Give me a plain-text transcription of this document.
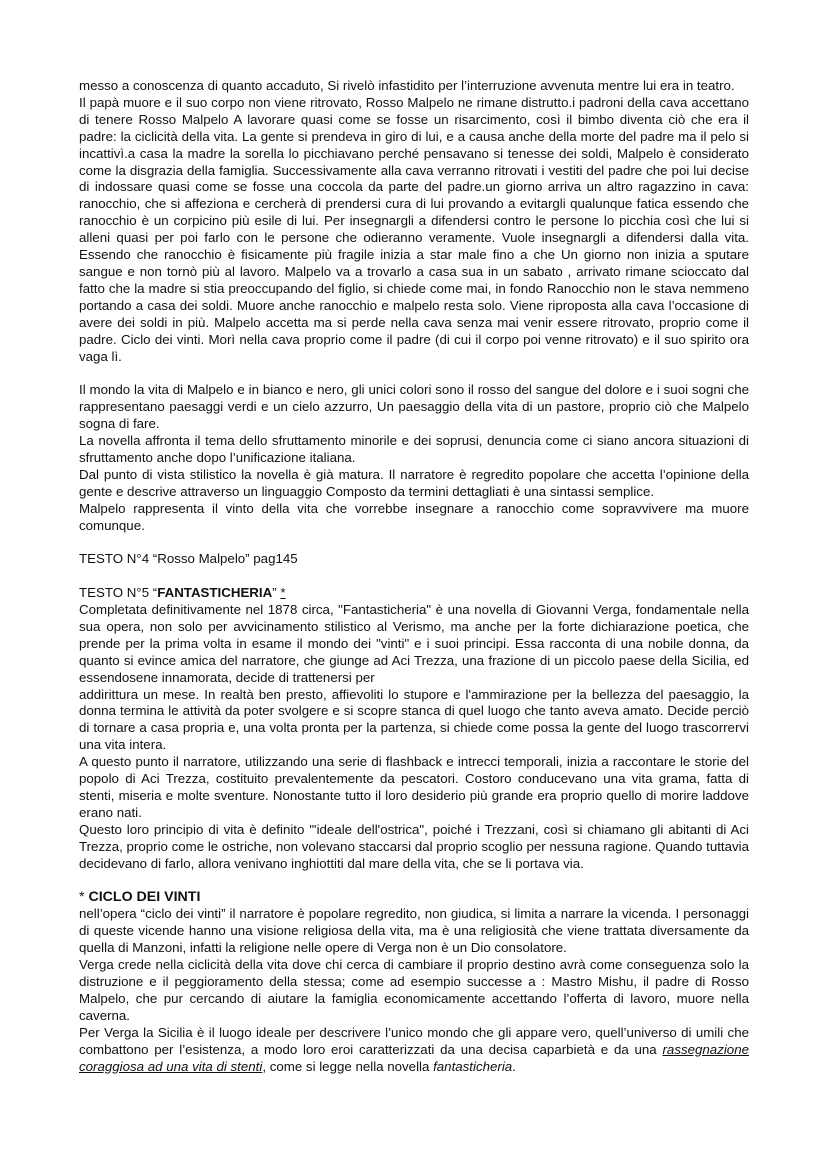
messo a conoscenza di quanto accaduto, Si rivelò infastidito per l’interruzione avvenuta mentre lui era in teatro.

Il papà muore e il suo corpo non viene ritrovato, Rosso Malpelo ne rimane distrutto.i padroni della cava accettano di tenere Rosso Malpelo A lavorare quasi come se fosse un risarcimento, così il bimbo diventa ciò che era il padre: la ciclicità della vita. La gente si prendeva in giro di lui, e a causa anche della morte del padre ma il pelo si incattivì.a casa la madre la sorella lo picchiavano perché pensavano si tenesse dei soldi, Malpelo è considerato come la disgrazia della famiglia. Successivamente alla cava verranno ritrovati i vestiti del padre che poi lui decise di indossare quasi come se fosse una coccola da parte del padre.un giorno arriva un altro ragazzino in cava: ranocchio, che si affeziona e cercherà di prendersi cura di lui provando a evitargli qualunque fatica essendo che ranocchio è un corpicino più esile di lui. Per insegnargli a difendersi contro le persone lo picchia così che lui si alleni quasi per poi farlo con le persone che odieranno veramente. Vuole insegnargli a difendersi dalla vita. Essendo che ranocchio è fisicamente più fragile inizia a star male fino a che Un giorno non inizia a sputare sangue e non tornò più al lavoro. Malpelo va a trovarlo a casa sua in un sabato , arrivato rimane scioccato dal fatto che la madre si stia preoccupando del figlio, si chiede come mai, in fondo Ranocchio non le stava nemmeno portando a casa dei soldi. Muore anche ranocchio e malpelo resta solo. Viene riproposta alla cava l’occasione di avere dei soldi in più. Malpelo accetta ma si perde nella cava senza mai venir essere ritrovato, proprio come il padre. Ciclo dei vinti. Morì nella cava proprio come il padre (di cui il corpo poi venne ritrovato) e il suo spirito ora vaga lì.

Il mondo la vita di Malpelo e in bianco e nero, gli unici colori sono il rosso del sangue del dolore e i suoi sogni che rappresentano paesaggi verdi e un cielo azzurro, Un paesaggio della vita di un pastore, proprio ciò che Malpelo sogna di fare.

La novella affronta il tema dello sfruttamento minorile e dei soprusi, denuncia come ci siano ancora situazioni di sfruttamento anche dopo l’unificazione italiana.

Dal punto di vista stilistico la novella è già matura. Il narratore è regredito popolare che accetta l’opinione della gente e descrive attraverso un linguaggio Composto da termini dettagliati è una sintassi semplice.

Malpelo rappresenta il vinto della vita che vorrebbe insegnare a ranocchio come sopravvivere ma muore comunque.

TESTO N°4 “Rosso Malpelo” pag145

TESTO N°5 “FANTASTICHERIA” *

Completata definitivamente nel 1878 circa, "Fantasticheria" è una novella di Giovanni Verga, fondamentale nella sua opera, non solo per avvicinamento stilistico al Verismo, ma anche per la forte dichiarazione poetica, che prende per la prima volta in esame il mondo dei "vinti" e i suoi principi. Essa racconta di una nobile donna, da quanto si evince amica del narratore, che giunge ad Aci Trezza, una frazione di un piccolo paese della Sicilia, ed essendosene innamorata, decide di trattenersi per

addirittura un mese. In realtà ben presto, affievoliti lo stupore e l'ammirazione per la bellezza del paesaggio, la donna termina le attività da poter svolgere e si scopre stanca di quel luogo che tanto aveva amato. Decide perciò di tornare a casa propria e, una volta pronta per la partenza, si chiede come possa la gente del luogo trascorrervi una vita intera.

A questo punto il narratore, utilizzando una serie di flashback e intrecci temporali, inizia a raccontare le storie del popolo di Aci Trezza, costituito prevalentemente da pescatori. Costoro conducevano una vita grama, fatta di stenti, miseria e molte sventure. Nonostante tutto il loro desiderio più grande era proprio quello di morire laddove erano nati.

Questo loro principio di vita è definito "'ideale dell'ostrica", poiché i Trezzani, così si chiamano gli abitanti di Aci Trezza, proprio come le ostriche, non volevano staccarsi dal proprio scoglio per nessuna ragione. Quando tuttavia decidevano di farlo, allora venivano inghiottiti dal mare della vita, che se li portava via.

* CICLO DEI VINTI

nell’opera “ciclo dei vinti” il narratore è popolare regredito, non giudica, si limita a narrare la vicenda. I personaggi di queste vicende hanno una visione religiosa della vita, ma è una religiosità che viene trattata diversamente da quella di Manzoni, infatti la religione nelle opere di Verga non è un Dio consolatore.

Verga crede nella ciclicità della vita dove chi cerca di cambiare il proprio destino avrà come conseguenza solo la distruzione e il peggioramento della stessa; come ad esempio successe a : Mastro Mishu, il padre di Rosso Malpelo, che pur cercando di aiutare la famiglia economicamente accettando l’offerta di lavoro, muore nella caverna.

Per Verga la Sicilia è il luogo ideale per descrivere l’unico mondo che gli appare vero, quell’universo di umili che combattono per l’esistenza, a modo loro eroi caratterizzati da una decisa caparbietà e da una rassegnazione coraggiosa ad una vita di stenti, come si legge nella novella fantasticheria.
